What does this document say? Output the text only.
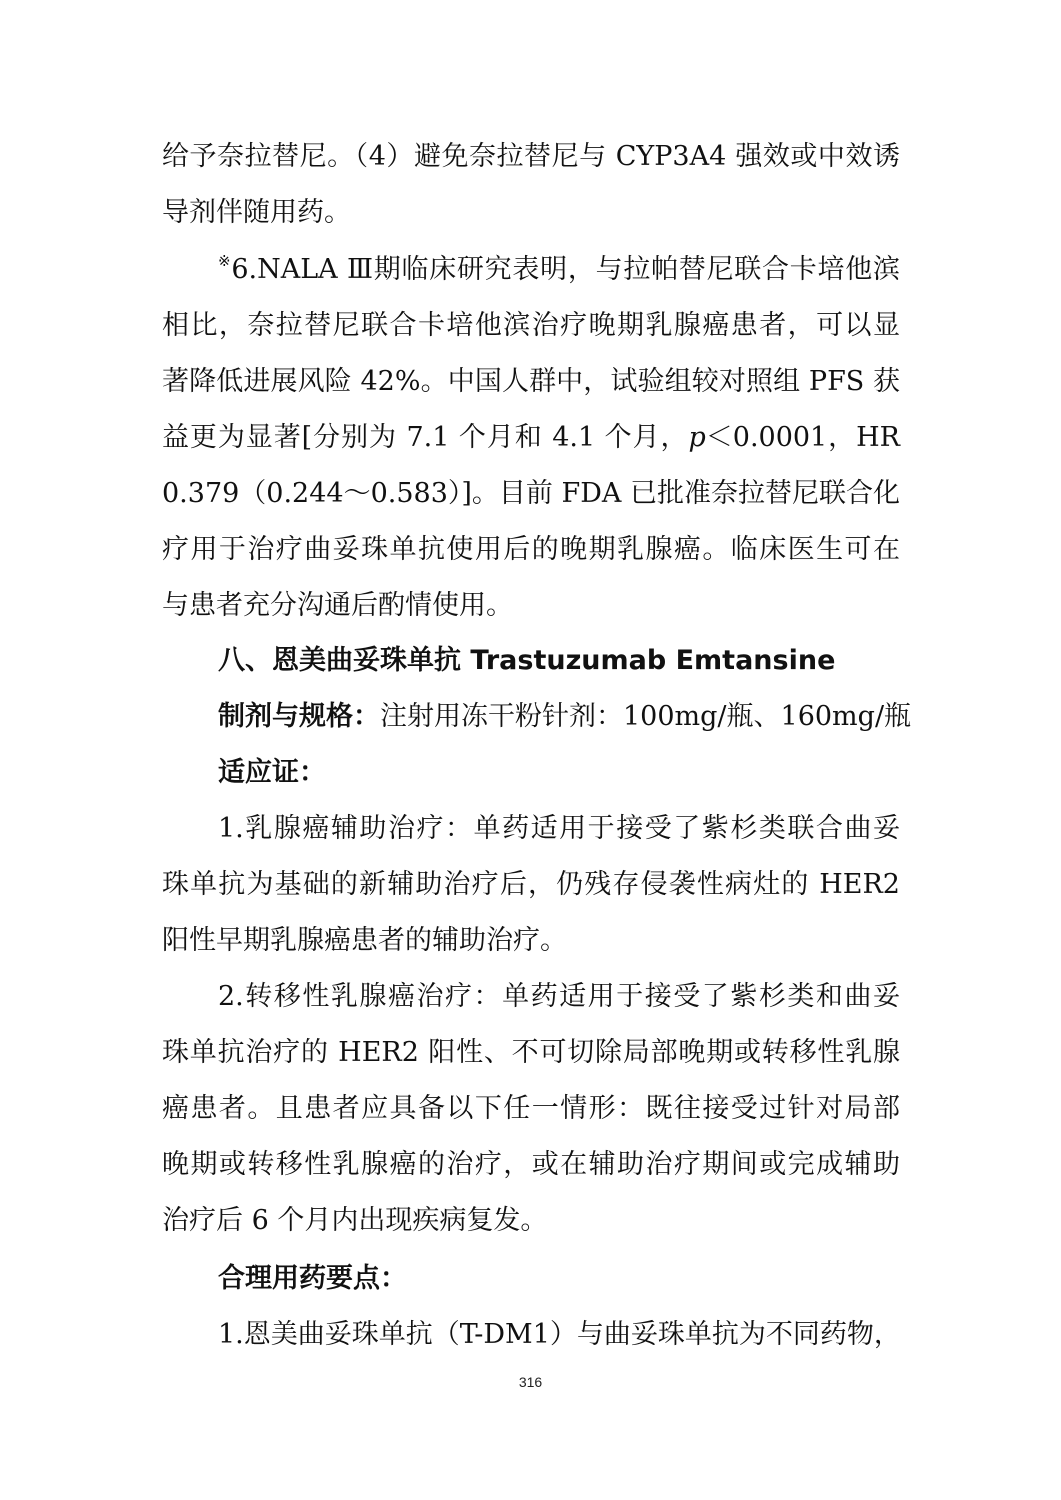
给予奈拉替尼。（4）避免奈拉替尼与 CYP3A4 强效或中效诱
导剂伴随用药。
※6.NALA Ⅲ期临床研究表明，与拉帕替尼联合卡培他滨
相比，奈拉替尼联合卡培他滨治疗晚期乳腺癌患者，可以显
著降低进展风险 42%。中国人群中，试验组较对照组 PFS 获
益更为显著[分别为 7.1 个月和 4.1 个月，p＜0.0001，HR
0.379（0.244～0.583）]。目前 FDA 已批准奈拉替尼联合化
疗用于治疗曲妥珠单抗使用后的晚期乳腺癌。临床医生可在
与患者充分沟通后酌情使用。
八、恩美曲妥珠单抗 Trastuzumab Emtansine
制剂与规格：注射用冻干粉针剂：100mg/瓶、160mg/瓶
适应证：
1.乳腺癌辅助治疗：单药适用于接受了紫杉类联合曲妥
珠单抗为基础的新辅助治疗后，仍残存侵袭性病灶的 HER2
阳性早期乳腺癌患者的辅助治疗。
2.转移性乳腺癌治疗：单药适用于接受了紫杉类和曲妥
珠单抗治疗的 HER2 阳性、不可切除局部晚期或转移性乳腺
癌患者。且患者应具备以下任一情形：既往接受过针对局部
晚期或转移性乳腺癌的治疗，或在辅助治疗期间或完成辅助
治疗后 6 个月内出现疾病复发。
合理用药要点：
1.恩美曲妥珠单抗（T-DM1）与曲妥珠单抗为不同药物，
316
